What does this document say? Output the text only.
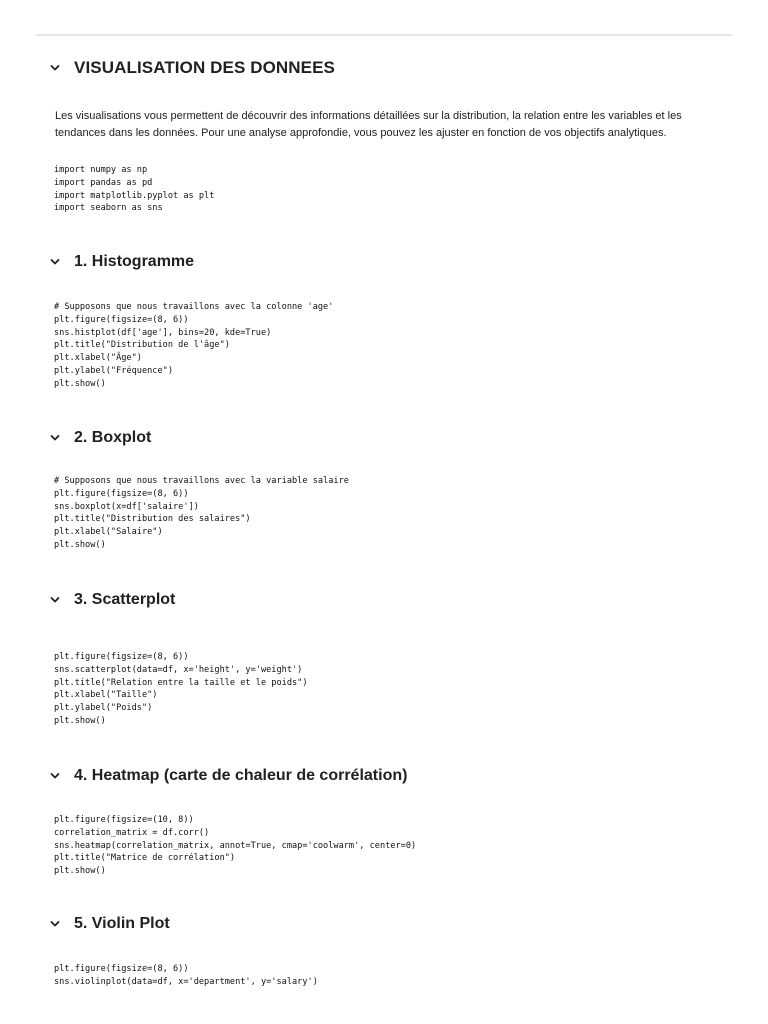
VISUALISATION DES DONNEES

Les visualisations vous permettent de découvrir des informations détaillées sur la distribution, la relation entre les variables et les

tendances dans les données. Pour une analyse approfondie, vous pouvez les ajuster en fonction de vos objectifs analytiques.

import numpy as np
import pandas as pd
import matplotlib.pyplot as plt
import seaborn as sns
1. Histogramme
# Supposons que nous travaillons avec la colonne 'age'
plt.figure(figsize=(8, 6))
sns.histplot(df['age'], bins=20, kde=True)
plt.title("Distribution de l'âge")
plt.xlabel("Âge")
plt.ylabel("Fréquence")
plt.show()
2. Boxplot
# Supposons que nous travaillons avec la variable salaire
plt.figure(figsize=(8, 6))
sns.boxplot(x=df['salaire'])
plt.title("Distribution des salaires")
plt.xlabel("Salaire")
plt.show()
3. Scatterplot
plt.figure(figsize=(8, 6))
sns.scatterplot(data=df, x='height', y='weight')
plt.title("Relation entre la taille et le poids")
plt.xlabel("Taille")
plt.ylabel("Poids")
plt.show()
4. Heatmap (carte de chaleur de corrélation)
plt.figure(figsize=(10, 8))
correlation_matrix = df.corr()
sns.heatmap(correlation_matrix, annot=True, cmap='coolwarm', center=0)
plt.title("Matrice de corrélation")
plt.show()
5. Violin Plot
plt.figure(figsize=(8, 6))
sns.violinplot(data=df, x='department', y='salary')
